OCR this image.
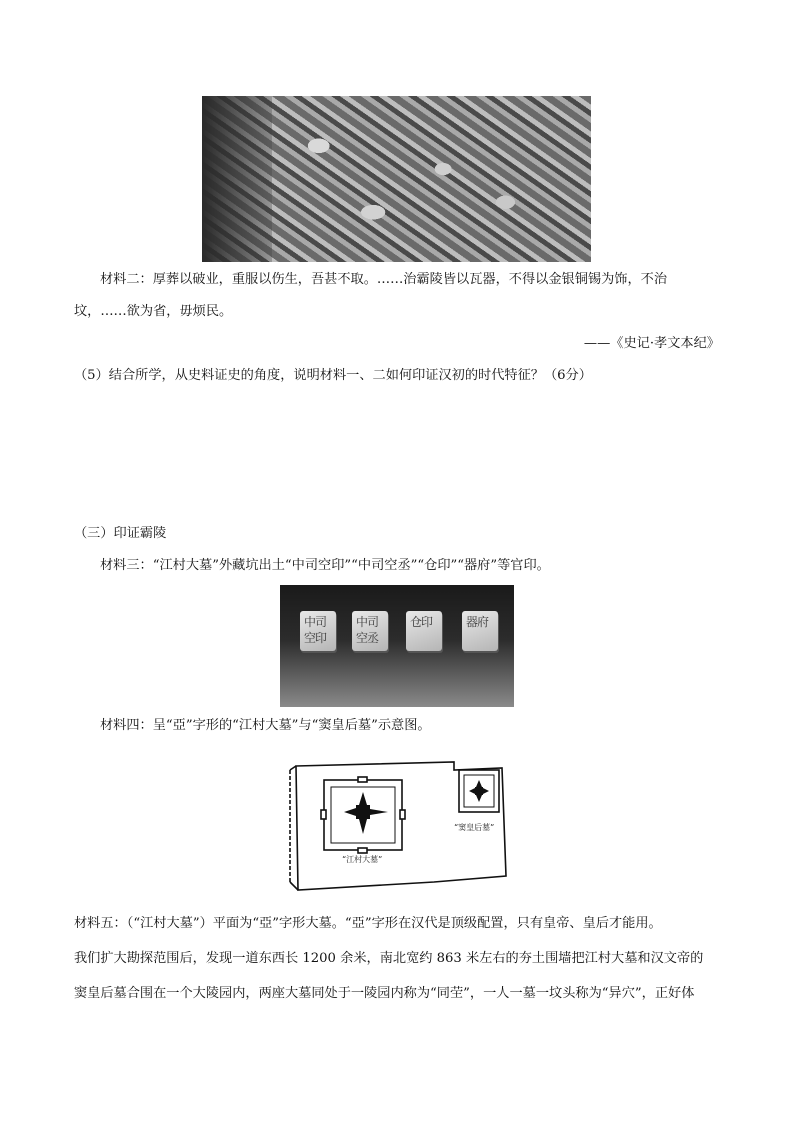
材料二：厚葬以破业，重服以伤生，吾甚不取。……治霸陵皆以瓦器，不得以金银铜锡为饰，不治
坟，……欲为省，毋烦民。
——《史记·孝文本纪》
（5）结合所学，从史料证史的角度，说明材料一、二如何印证汉初的时代特征？（6分）
（三）印证霸陵
材料三：“江村大墓”外藏坑出土“中司空印”“中司空丞”“仓印”“器府”等官印。
中司空印
中司空丞
仓印	器府
材料四：呈“亞”字形的“江村大墓”与“窦皇后墓”示意图。
“江村大墓”
“窦皇后墓”
材料五：（“江村大墓”）平面为“亞”字形大墓。“亞”字形在汉代是顶级配置，只有皇帝、皇后才能用。
我们扩大勘探范围后，发现一道东西长 1200 余米，南北宽约 863 米左右的夯土围墙把江村大墓和汉文帝的
窦皇后墓合围在一个大陵园内，两座大墓同处于一陵园内称为“同茔”，一人一墓一坟头称为“异穴”，正好体
